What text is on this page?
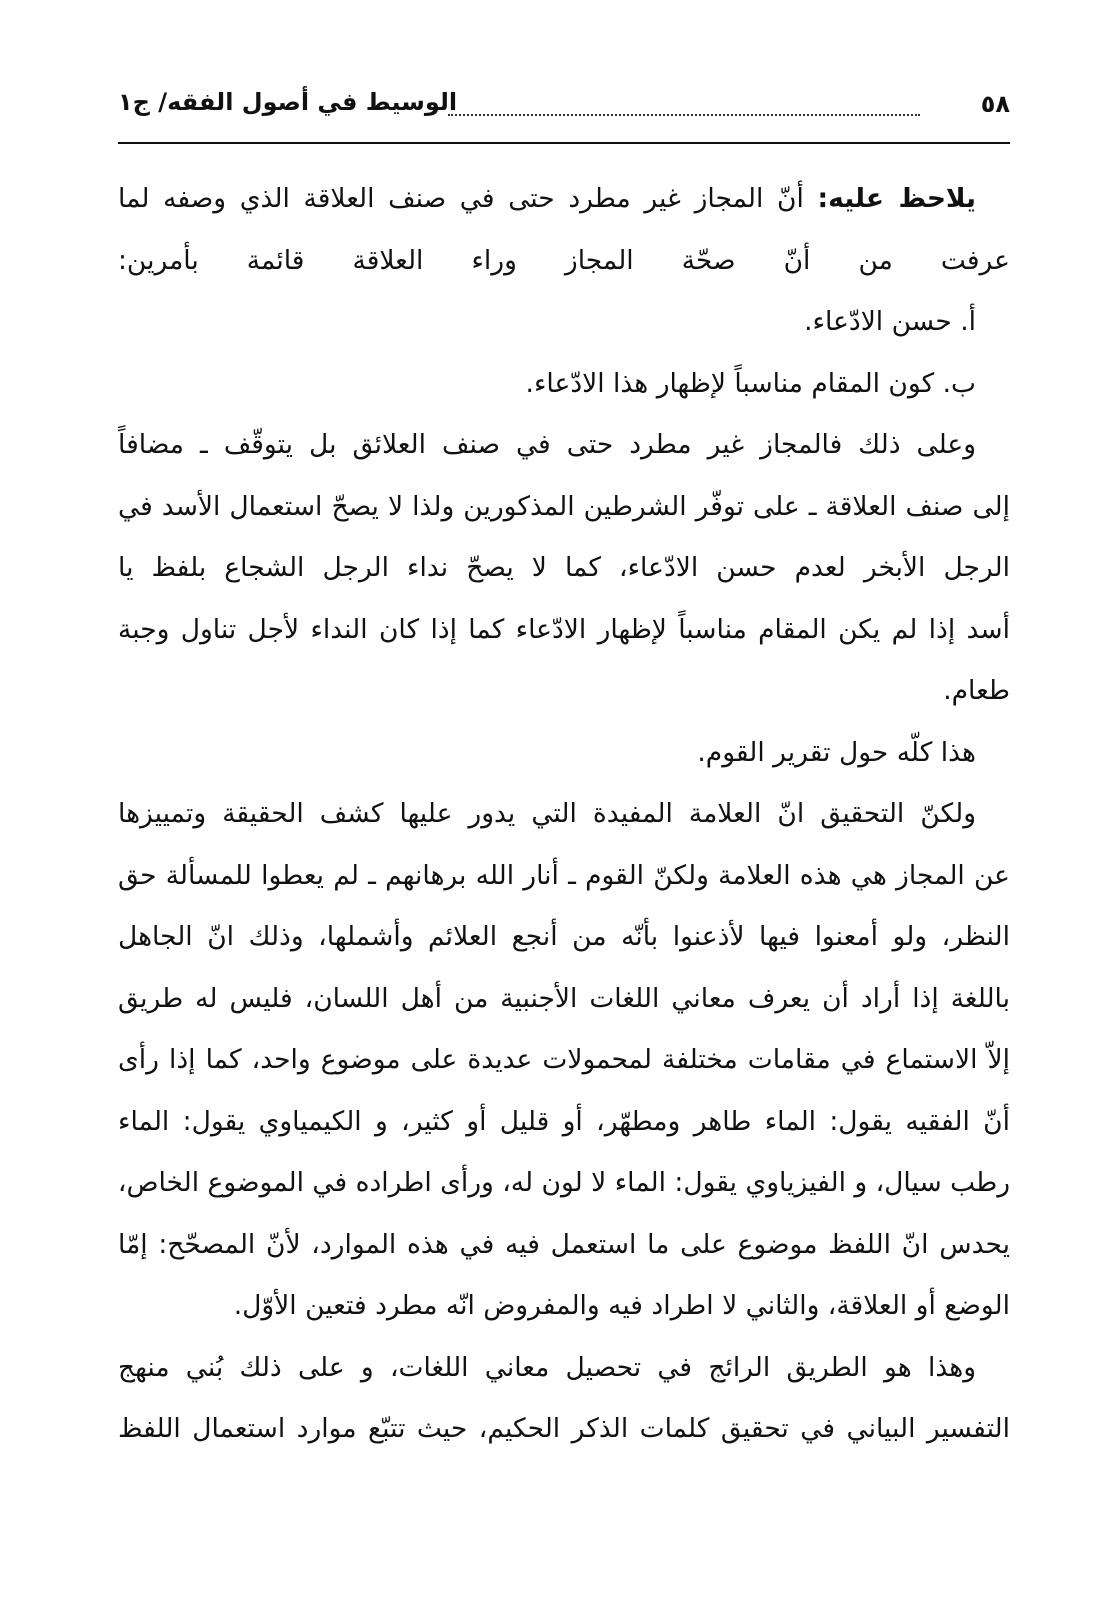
٥٨
الوسيط في أصول الفقه/ ج١
يلاحظ عليه: أنّ المجاز غير مطرد حتى في صنف العلاقة الذي وصفه لما
عرفت من أنّ صحّة المجاز وراء العلاقة قائمة بأمرين:
أ. حسن الادّعاء.
ب. كون المقام مناسباً لإظهار هذا الادّعاء.
وعلى ذلك فالمجاز غير مطرد حتى في صنف العلائق بل يتوقّف ـ مضافاً
إلى صنف العلاقة ـ على توفّر الشرطين المذكورين ولذا لا يصحّ استعمال الأسد في
الرجل الأبخر لعدم حسن الادّعاء، كما لا يصحّ نداء الرجل الشجاع بلفظ يا
أسد إذا لم يكن المقام مناسباً لإظهار الادّعاء كما إذا كان النداء لأجل تناول وجبة
طعام.
هذا كلّه حول تقرير القوم.
ولكنّ التحقيق انّ العلامة المفيدة التي يدور عليها كشف الحقيقة وتمييزها
عن المجاز هي هذه العلامة ولكنّ القوم ـ أنار الله برهانهم ـ لم يعطوا للمسألة حق
النظر، ولو أمعنوا فيها لأذعنوا بأنّه من أنجع العلائم وأشملها، وذلك انّ الجاهل
باللغة إذا أراد أن يعرف معاني اللغات الأجنبية من أهل اللسان، فليس له طريق
إلاّ الاستماع في مقامات مختلفة لمحمولات عديدة على موضوع واحد، كما إذا رأى
أنّ الفقيه يقول: الماء طاهر ومطهّر، أو قليل أو كثير، و الكيمياوي يقول: الماء
رطب سيال، و الفيزياوي يقول: الماء لا لون له، ورأى اطراده في الموضوع الخاص،
يحدس انّ اللفظ موضوع على ما استعمل فيه في هذه الموارد، لأنّ المصحّح: إمّا
الوضع أو العلاقة، والثاني لا اطراد فيه والمفروض انّه مطرد فتعين الأوّل.
وهذا هو الطريق الرائج في تحصيل معاني اللغات، و على ذلك بُني منهج
التفسير البياني في تحقيق كلمات الذكر الحكيم، حيث تتبّع موارد استعمال اللفظ
